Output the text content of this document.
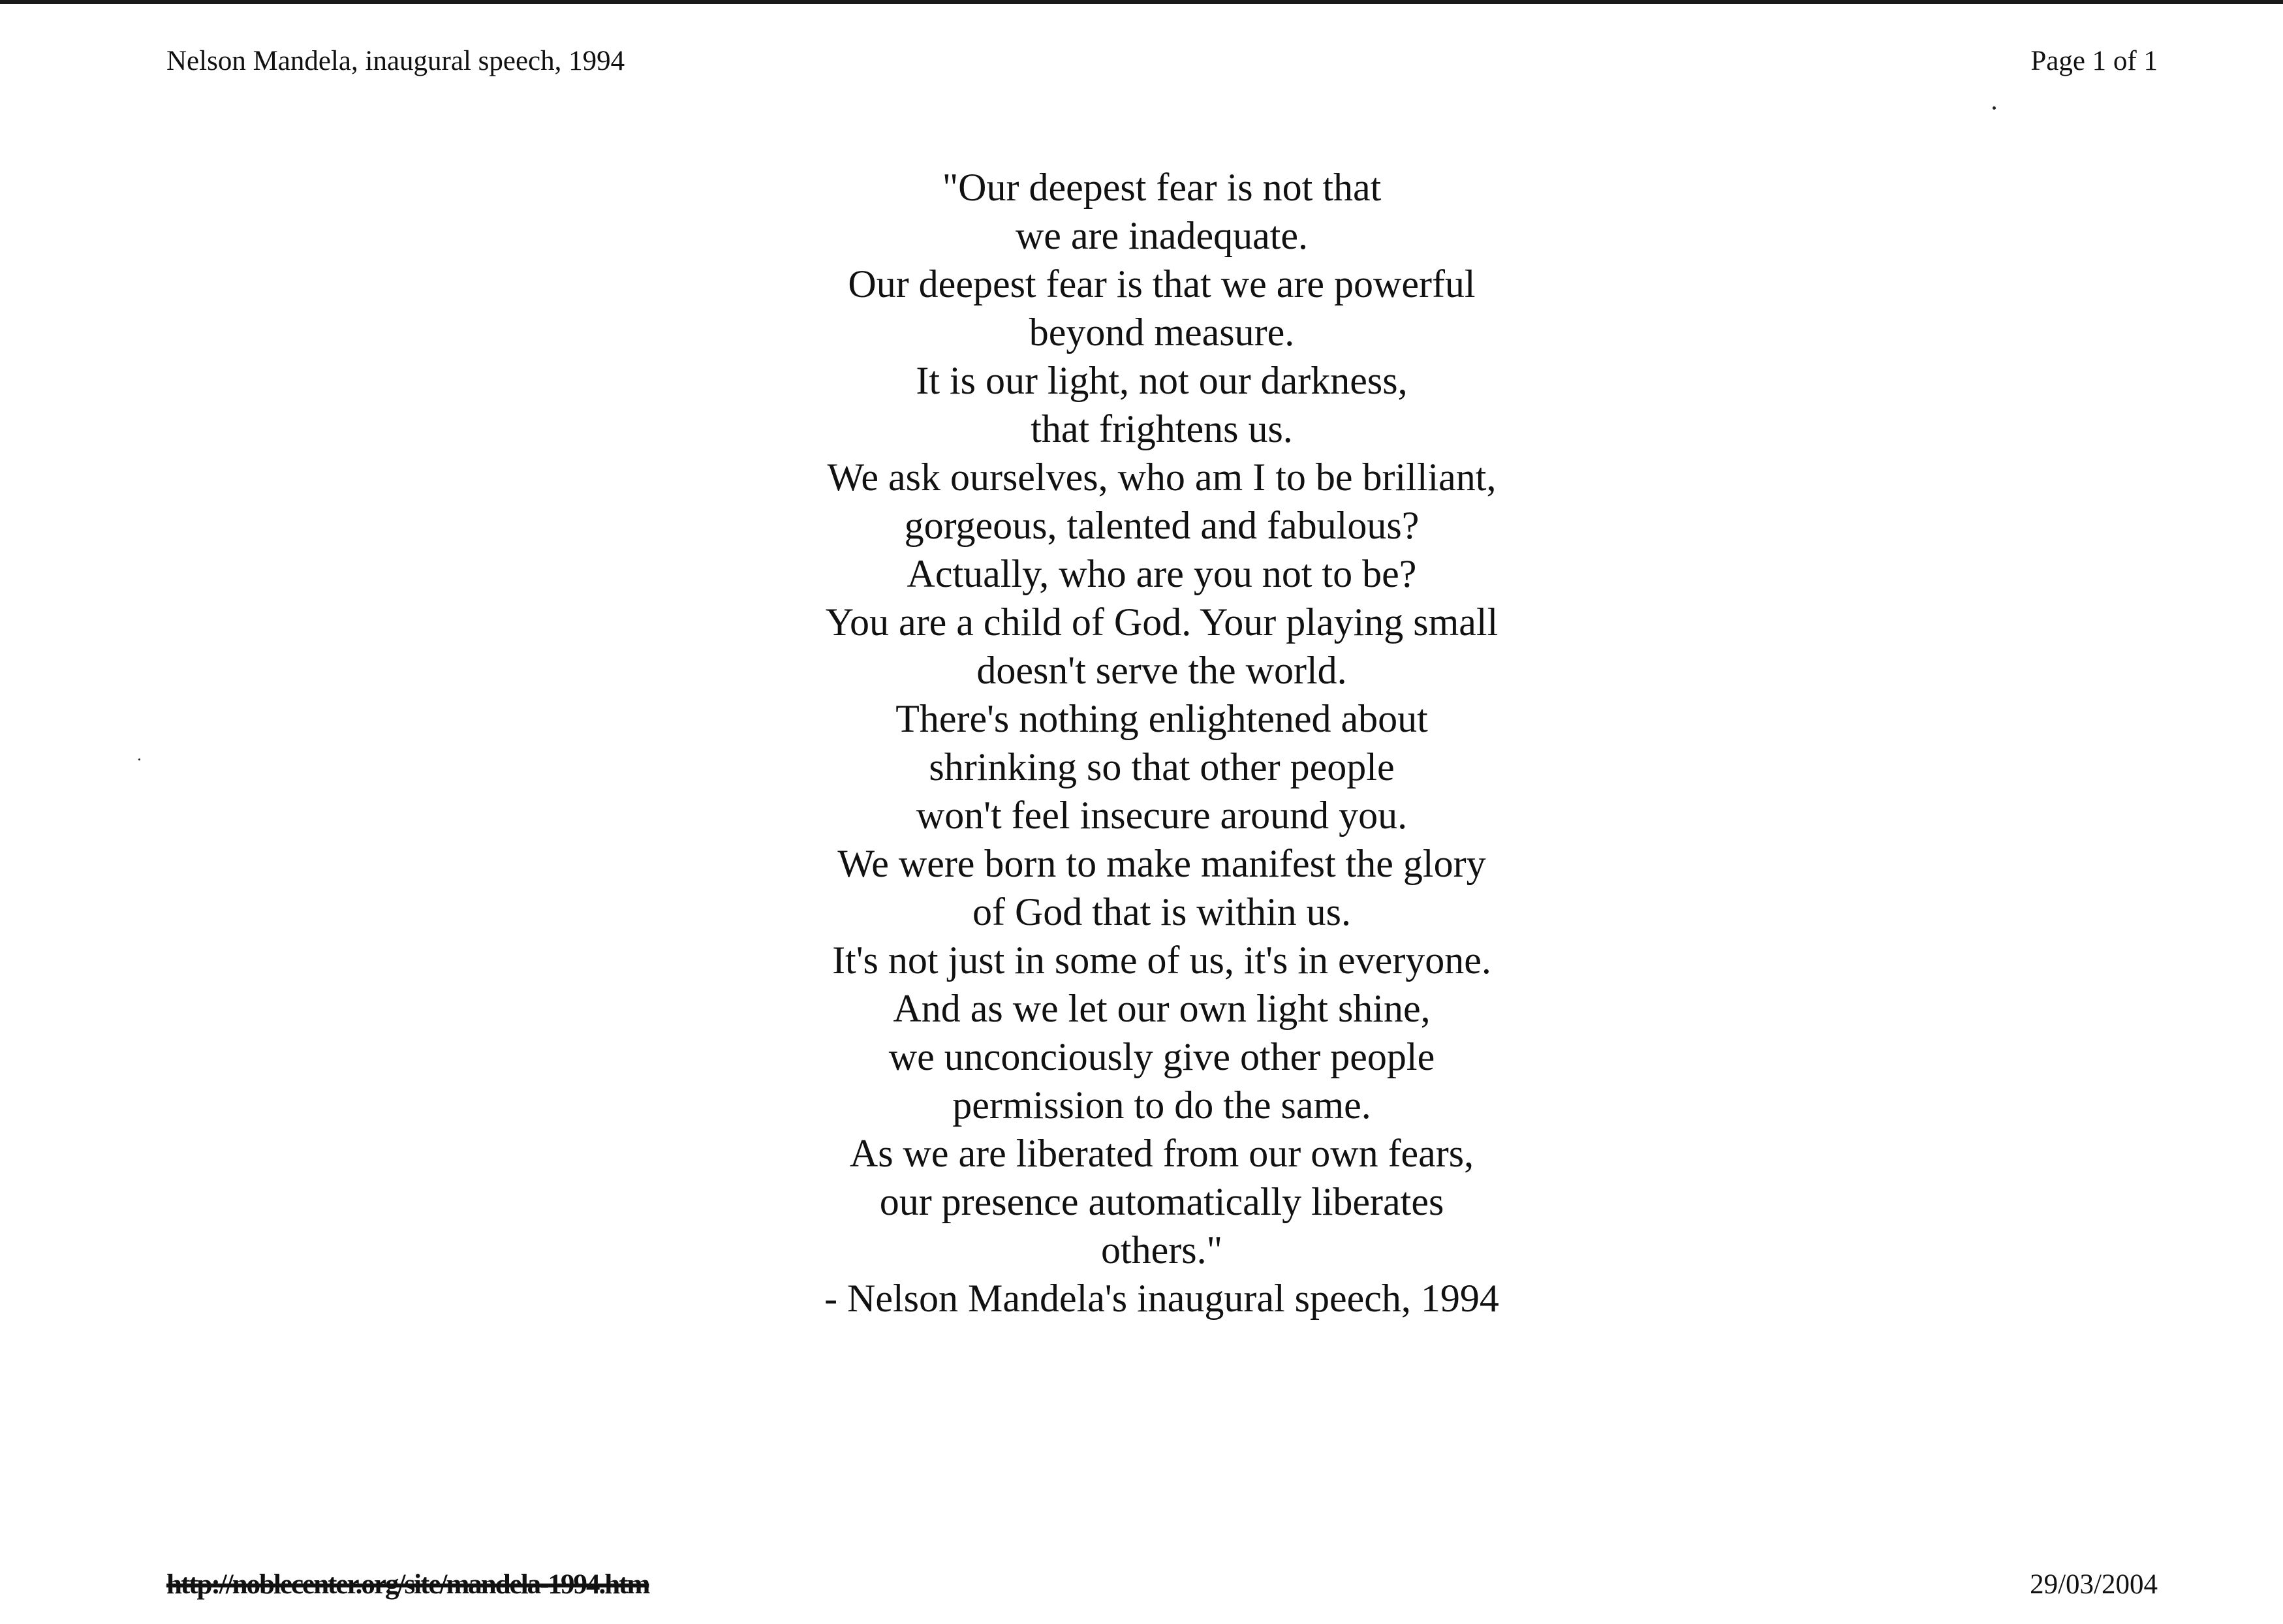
Nelson Mandela, inaugural speech, 1994	Page 1 of 1
"Our deepest fear is not that
we are inadequate.
Our deepest fear is that we are powerful
beyond measure.
It is our light, not our darkness,
that frightens us.
We ask ourselves, who am I to be brilliant,
gorgeous, talented and fabulous?
Actually, who are you not to be?
You are a child of God. Your playing small
doesn't serve the world.
There's nothing enlightened about
shrinking so that other people
won't feel insecure around you.
We were born to make manifest the glory
of God that is within us.
It's not just in some of us, it's in everyone.
And as we let our own light shine,
we unconciously give other people
permission to do the same.
As we are liberated from our own fears,
our presence automatically liberates
others."
- Nelson Mandela's inaugural speech, 1994
http://noblecenter.org/site/mandela-1994.htm	29/03/2004
